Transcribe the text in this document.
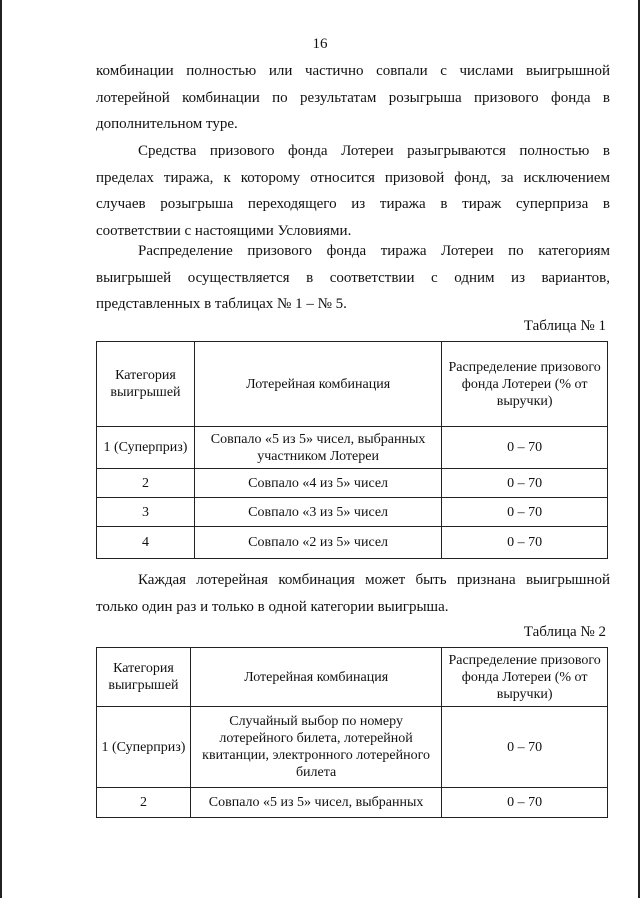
16

комбинации полностью или частично совпали с числами выигрышной лотерейной комбинации по результатам розыгрыша призового фонда в дополнительном туре.

Средства призового фонда Лотереи разыгрываются полностью в пределах тиража, к которому относится призовой фонд, за исключением случаев розыгрыша переходящего из тиража в тираж суперприза в соответствии с настоящими Условиями.

Распределение призового фонда тиража Лотереи по категориям выигрышей осуществляется в соответствии с одним из вариантов, представленных в таблицах № 1 – № 5.

Таблица № 1
Категория выигрышей	Лотерейная комбинация	Распределение призового фонда Лотереи (% от выручки)
1 (Суперприз)	Совпало «5 из 5» чисел, выбранных участником Лотереи	0 – 70
2	Совпало «4 из 5» чисел	0 – 70
3	Совпало «3 из 5» чисел	0 – 70
4	Совпало «2 из 5» чисел	0 – 70

Каждая лотерейная комбинация может быть признана выигрышной только один раз и только в одной категории выигрыша.

Таблица № 2
Категория выигрышей	Лотерейная комбинация	Распределение призового фонда Лотереи (% от выручки)
1 (Суперприз)	Случайный выбор по номеру лотерейного билета, лотерейной квитанции, электронного лотерейного билета	0 – 70
2	Совпало «5 из 5» чисел, выбранных	0 – 70
